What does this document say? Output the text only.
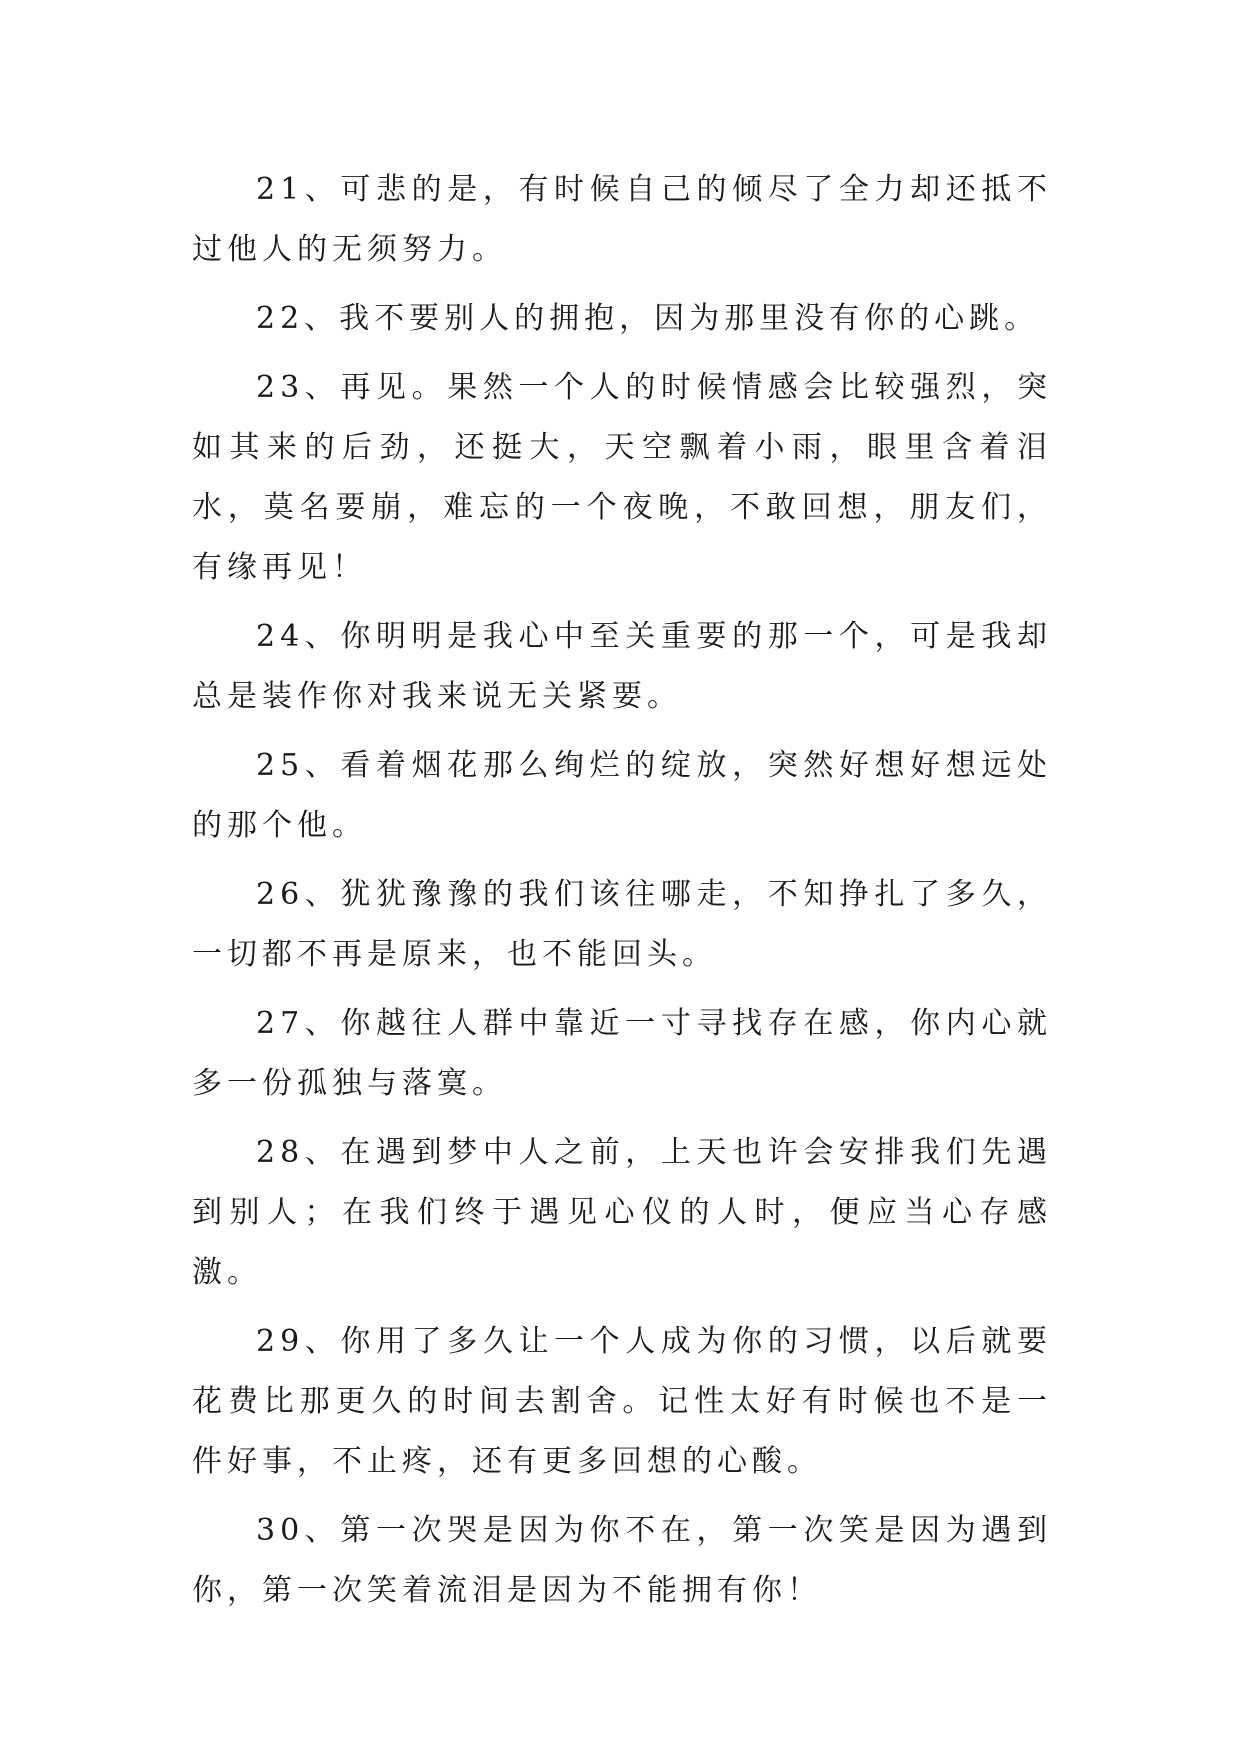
21、可悲的是，有时候自己的倾尽了全力却还抵不过他人的无须努力。

22、我不要别人的拥抱，因为那里没有你的心跳。

23、再见。果然一个人的时候情感会比较强烈，突如其来的后劲，还挺大，天空飘着小雨，眼里含着泪水，莫名要崩，难忘的一个夜晚，不敢回想，朋友们，有缘再见！

24、你明明是我心中至关重要的那一个，可是我却总是装作你对我来说无关紧要。

25、看着烟花那么绚烂的绽放，突然好想好想远处的那个他。

26、犹犹豫豫的我们该往哪走，不知挣扎了多久，一切都不再是原来，也不能回头。

27、你越往人群中靠近一寸寻找存在感，你内心就多一份孤独与落寞。

28、在遇到梦中人之前，上天也许会安排我们先遇到别人；在我们终于遇见心仪的人时，便应当心存感激。

29、你用了多久让一个人成为你的习惯，以后就要花费比那更久的时间去割舍。记性太好有时候也不是一件好事，不止疼，还有更多回想的心酸。

30、第一次哭是因为你不在，第一次笑是因为遇到你，第一次笑着流泪是因为不能拥有你！
